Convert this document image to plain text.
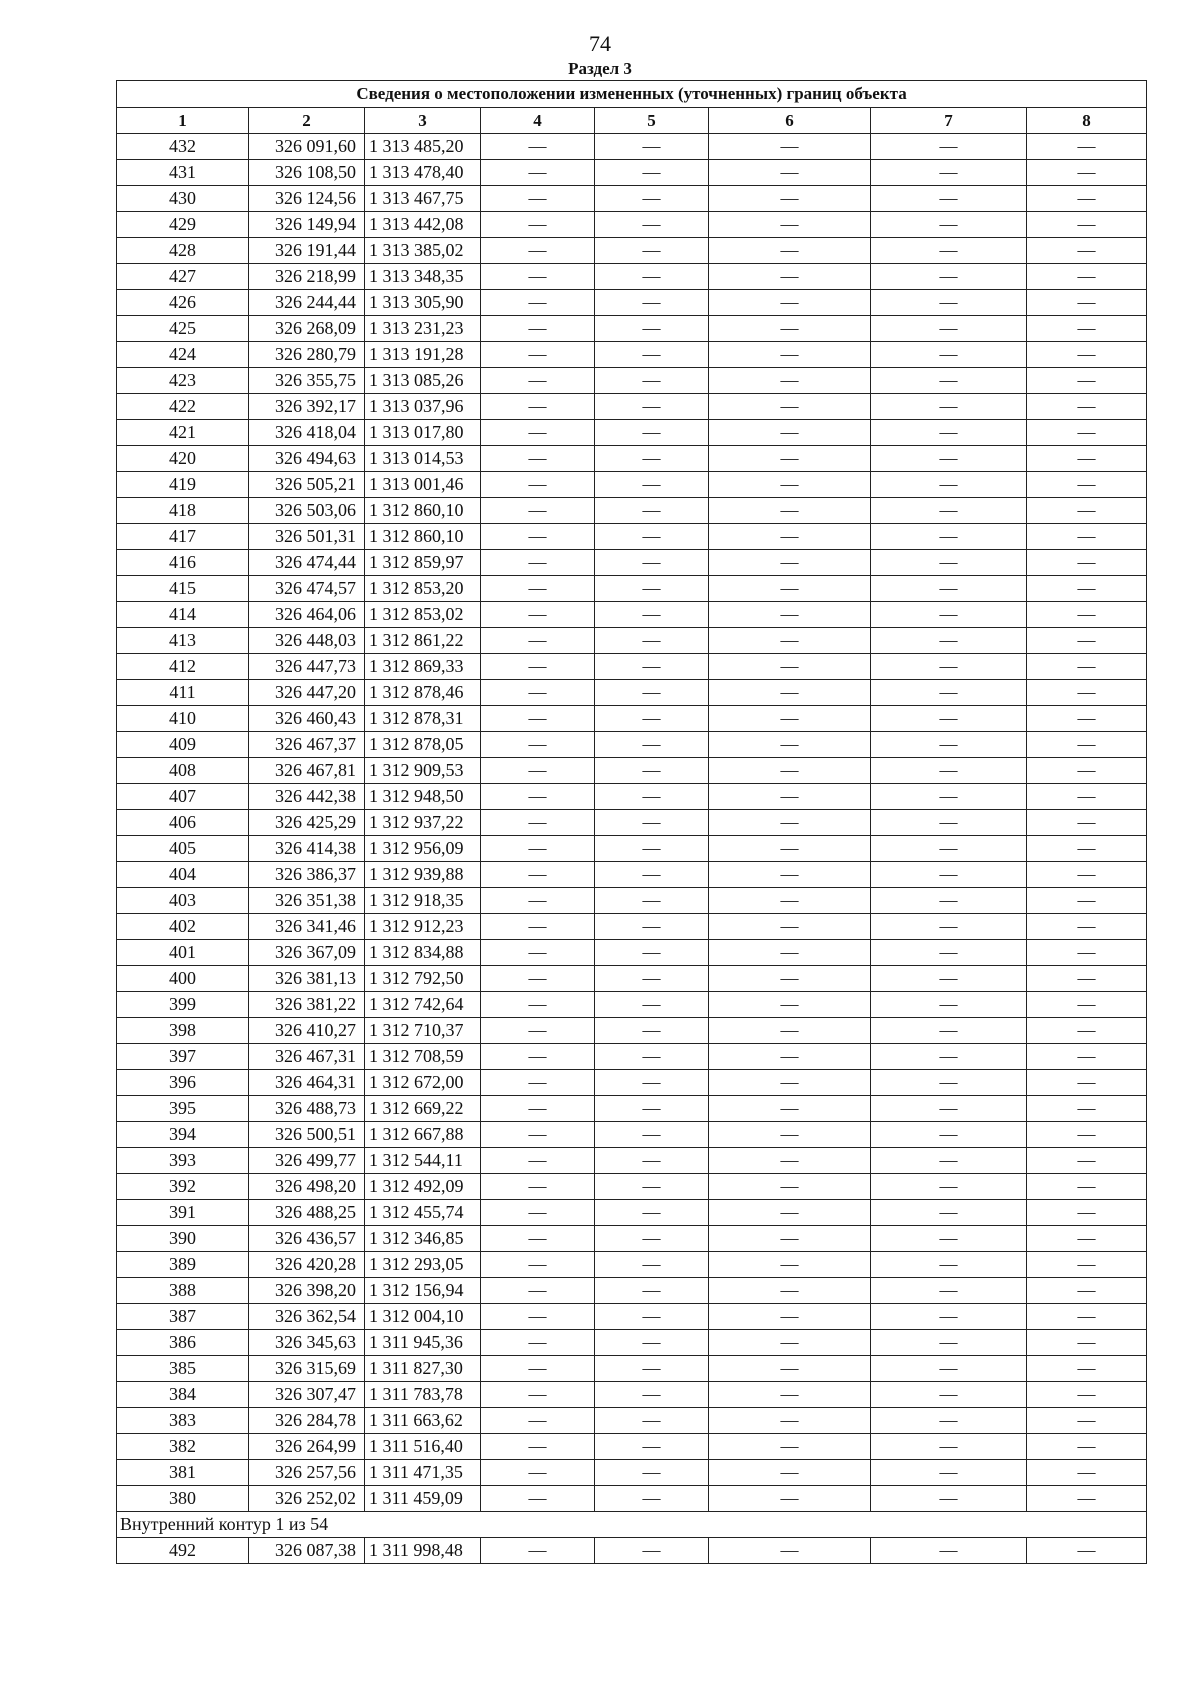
74
Раздел 3
Сведения о местоположении измененных (уточненных) границ объекта							
1	2	3	4	5	6	7	8
432	326 091,60	1 313 485,20	—	—	—	—	—
431	326 108,50	1 313 478,40	—	—	—	—	—
430	326 124,56	1 313 467,75	—	—	—	—	—
429	326 149,94	1 313 442,08	—	—	—	—	—
428	326 191,44	1 313 385,02	—	—	—	—	—
427	326 218,99	1 313 348,35	—	—	—	—	—
426	326 244,44	1 313 305,90	—	—	—	—	—
425	326 268,09	1 313 231,23	—	—	—	—	—
424	326 280,79	1 313 191,28	—	—	—	—	—
423	326 355,75	1 313 085,26	—	—	—	—	—
422	326 392,17	1 313 037,96	—	—	—	—	—
421	326 418,04	1 313 017,80	—	—	—	—	—
420	326 494,63	1 313 014,53	—	—	—	—	—
419	326 505,21	1 313 001,46	—	—	—	—	—
418	326 503,06	1 312 860,10	—	—	—	—	—
417	326 501,31	1 312 860,10	—	—	—	—	—
416	326 474,44	1 312 859,97	—	—	—	—	—
415	326 474,57	1 312 853,20	—	—	—	—	—
414	326 464,06	1 312 853,02	—	—	—	—	—
413	326 448,03	1 312 861,22	—	—	—	—	—
412	326 447,73	1 312 869,33	—	—	—	—	—
411	326 447,20	1 312 878,46	—	—	—	—	—
410	326 460,43	1 312 878,31	—	—	—	—	—
409	326 467,37	1 312 878,05	—	—	—	—	—
408	326 467,81	1 312 909,53	—	—	—	—	—
407	326 442,38	1 312 948,50	—	—	—	—	—
406	326 425,29	1 312 937,22	—	—	—	—	—
405	326 414,38	1 312 956,09	—	—	—	—	—
404	326 386,37	1 312 939,88	—	—	—	—	—
403	326 351,38	1 312 918,35	—	—	—	—	—
402	326 341,46	1 312 912,23	—	—	—	—	—
401	326 367,09	1 312 834,88	—	—	—	—	—
400	326 381,13	1 312 792,50	—	—	—	—	—
399	326 381,22	1 312 742,64	—	—	—	—	—
398	326 410,27	1 312 710,37	—	—	—	—	—
397	326 467,31	1 312 708,59	—	—	—	—	—
396	326 464,31	1 312 672,00	—	—	—	—	—
395	326 488,73	1 312 669,22	—	—	—	—	—
394	326 500,51	1 312 667,88	—	—	—	—	—
393	326 499,77	1 312 544,11	—	—	—	—	—
392	326 498,20	1 312 492,09	—	—	—	—	—
391	326 488,25	1 312 455,74	—	—	—	—	—
390	326 436,57	1 312 346,85	—	—	—	—	—
389	326 420,28	1 312 293,05	—	—	—	—	—
388	326 398,20	1 312 156,94	—	—	—	—	—
387	326 362,54	1 312 004,10	—	—	—	—	—
386	326 345,63	1 311 945,36	—	—	—	—	—
385	326 315,69	1 311 827,30	—	—	—	—	—
384	326 307,47	1 311 783,78	—	—	—	—	—
383	326 284,78	1 311 663,62	—	—	—	—	—
382	326 264,99	1 311 516,40	—	—	—	—	—
381	326 257,56	1 311 471,35	—	—	—	—	—
380	326 252,02	1 311 459,09	—	—	—	—	—
Внутренний контур 1 из 54							
492	326 087,38	1 311 998,48	—	—	—	—	—
